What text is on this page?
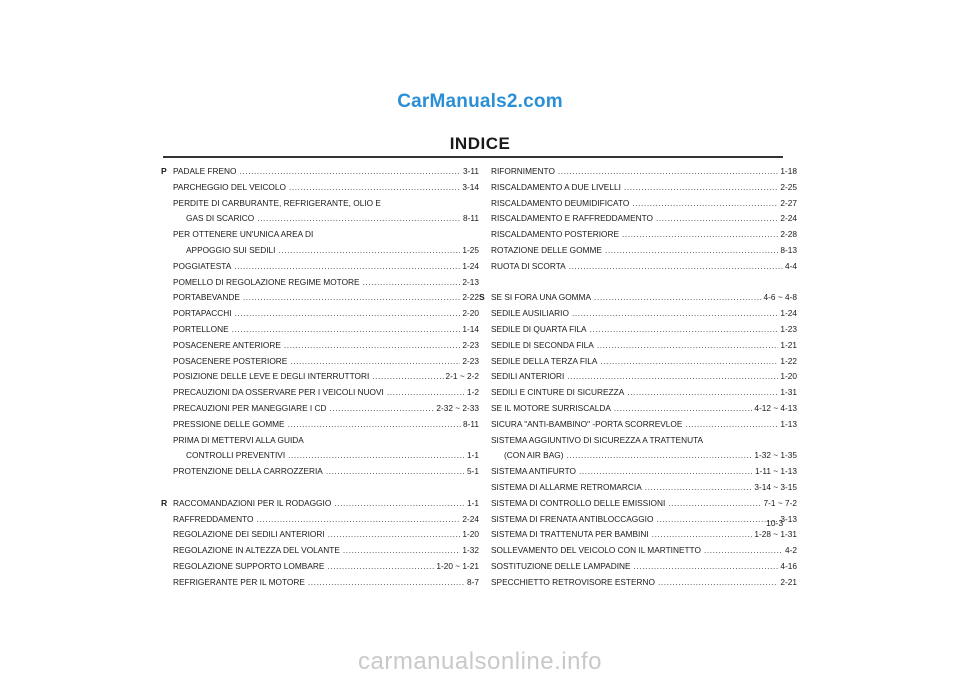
CarManuals2.com
INDICE
P PADALE FRENO .....	3-11
PARCHEGGIO DEL VEICOLO .....	3-14
PERDITE DI CARBURANTE, REFRIGERANTE, OLIO E
GAS DI SCARICO .....	8-11
PER OTTENERE UN'UNICA AREA DI
APPOGGIO SUI SEDILI .....	1-25
POGGIATESTA .....	1-24
POMELLO DI REGOLAZIONE REGIME MOTORE .....	2-13
PORTABEVANDE .....	2-22
PORTAPACCHI .....	2-20
PORTELLONE .....	1-14
POSACENERE ANTERIORE .....	2-23
POSACENERE POSTERIORE .....	2-23
POSIZIONE DELLE LEVE E DEGLI INTERRUTTORI .....	2-1 ~ 2-2
PRECAUZIONI DA OSSERVARE PER I VEICOLI NUOVI .....	1-2
PRECAUZIONI PER MANEGGIARE I CD .....	2-32 ~ 2-33
PRESSIONE DELLE GOMME .....	8-11
PRIMA DI METTERVI ALLA GUIDA
CONTROLLI PREVENTIVI .....	1-1
PROTENZIONE DELLA CARROZZERIA .....	5-1
R RACCOMANDAZIONI PER IL RODAGGIO .....	1-1
RAFFREDDAMENTO .....	2-24
REGOLAZIONE DEI SEDILI ANTERIORI .....	1-20
REGOLAZIONE IN ALTEZZA DEL VOLANTE .....	1-32
REGOLAZIONE SUPPORTO LOMBARE .....	1-20 ~ 1-21
REFRIGERANTE PER IL MOTORE .....	8-7
RIFORNIMENTO .....	1-18
RISCALDAMENTO A DUE LIVELLI .....	2-25
RISCALDAMENTO DEUMIDIFICATO .....	2-27
RISCALDAMENTO E RAFFREDDAMENTO .....	2-24
RISCALDAMENTO POSTERIORE .....	2-28
ROTAZIONE DELLE GOMME .....	8-13
RUOTA DI SCORTA .....	4-4
S SE SI FORA UNA GOMMA .....	4-6 ~ 4-8
SEDILE AUSILIARIO .....	1-24
SEDILE DI QUARTA FILA .....	1-23
SEDILE DI SECONDA FILA .....	1-21
SEDILE DELLA TERZA FILA .....	1-22
SEDILI ANTERIORI .....	1-20
SEDILI E CINTURE DI SICUREZZA .....	1-31
SE IL MOTORE SURRISCALDA .....	4-12 ~ 4-13
SICURA "ANTI-BAMBINO" -PORTA SCORREVLOE .....	1-13
SISTEMA AGGIUNTIVO DI SICUREZZA A TRATTENUTA
(CON AIR BAG) .....	1-32 ~ 1-35
SISTEMA ANTIFURTO .....	1-11 ~ 1-13
SISTEMA DI ALLARME RETROMARCIA .....	3-14 ~ 3-15
SISTEMA DI CONTROLLO DELLE EMISSIONI .....	7-1 ~ 7-2
SISTEMA DI FRENATA ANTIBLOCCAGGIO .....	3-13
SISTEMA DI TRATTENUTA PER BAMBINI .....	1-28 ~ 1-31
SOLLEVAMENTO DEL VEICOLO CON IL MARTINETTO .....	4-2
SOSTITUZIONE DELLE LAMPADINE .....	4-16
SPECCHIETTO RETROVISORE ESTERNO .....	2-21
10-3
carmanualsonline.info
